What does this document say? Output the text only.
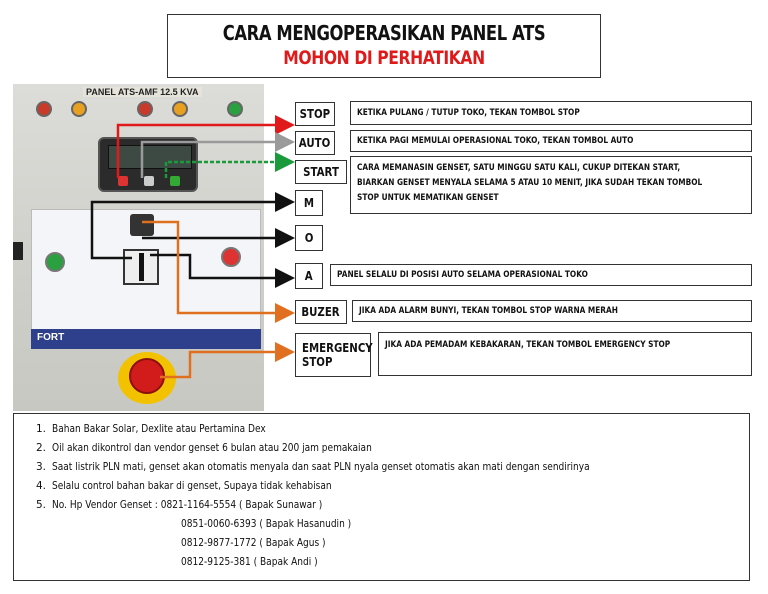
CARA MENGOPERASIKAN PANEL ATS
MOHON DI PERHATIKAN
PANEL ATS-AMF 12.5 KVA
FORT
STOP
AUTO
START
M
O
A
BUZER
EMERGENCY
STOP
KETIKA PULANG / TUTUP TOKO, TEKAN TOMBOL STOP
KETIKA PAGI MEMULAI OPERASIONAL TOKO, TEKAN TOMBOL AUTO
CARA MEMANASIN GENSET, SATU MINGGU SATU KALI, CUKUP DITEKAN START,
BIARKAN GENSET MENYALA SELAMA 5 ATAU 10 MENIT, JIKA SUDAH TEKAN TOMBOL
STOP UNTUK MEMATIKAN GENSET
PANEL SELALU DI POSISI AUTO SELAMA OPERASIONAL TOKO
JIKA ADA ALARM BUNYI, TEKAN TOMBOL STOP WARNA MERAH
JIKA ADA PEMADAM KEBAKARAN, TEKAN TOMBOL EMERGENCY STOP
1. Bahan Bakar Solar, Dexlite atau Pertamina Dex
2. Oil akan dikontrol dan vendor genset 6 bulan atau 200 jam pemakaian
3. Saat listrik PLN mati, genset akan otomatis menyala dan saat PLN nyala genset otomatis akan mati dengan sendirinya
4. Selalu control bahan bakar di genset, Supaya tidak kehabisan
5. No. Hp Vendor Genset : 0821-1164-5554 ( Bapak Sunawar )
0851-0060-6393 ( Bapak Hasanudin )
0812-9877-1772 ( Bapak Agus )
0812-9125-381 ( Bapak Andi )
